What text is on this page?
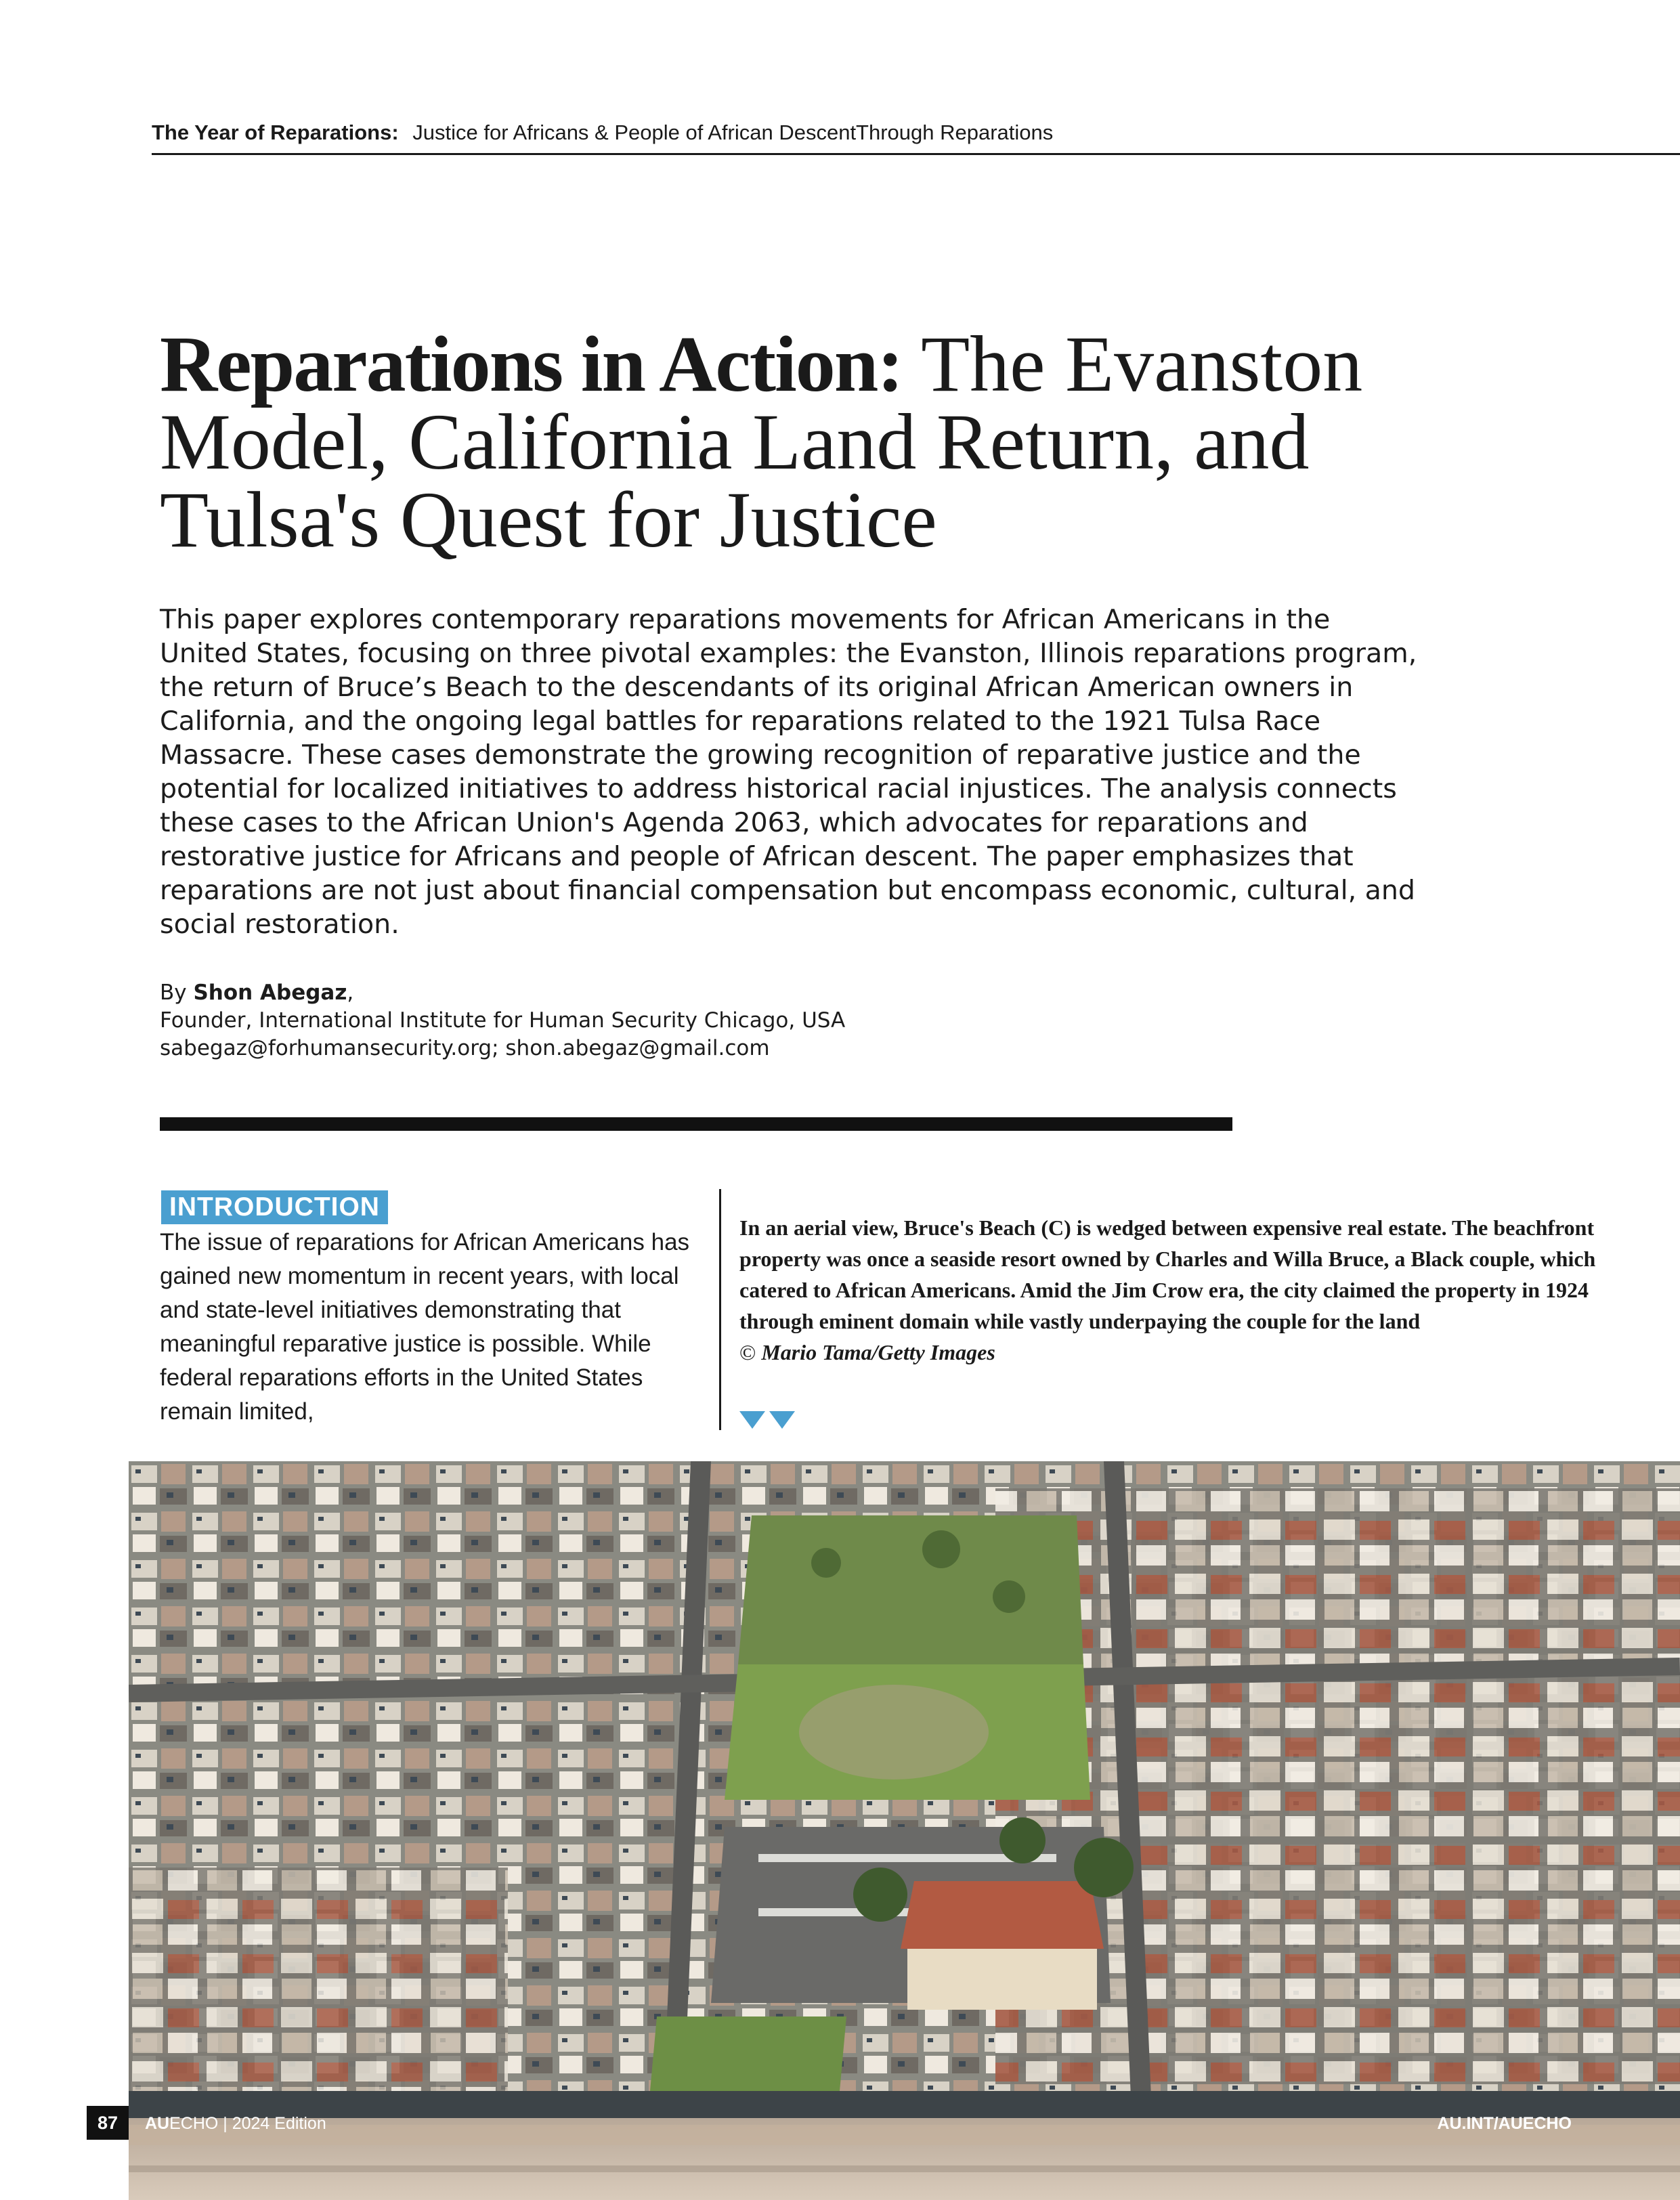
The Year of Reparations: Justice for Africans & People of African DescentThrough Reparations
Reparations in Action: The Evanston Model, California Land Return, and Tulsa's Quest for Justice

This paper explores contemporary reparations movements for African Americans in the United States, focusing on three pivotal examples: the Evanston, Illinois reparations program, the return of Bruce’s Beach to the descendants of its original African American owners in California, and the ongoing legal battles for reparations related to the 1921 Tulsa Race Massacre. These cases demonstrate the growing recognition of reparative justice and the potential for localized initiatives to address historical racial injustices. The analysis connects these cases to the African Union's Agenda 2063, which advocates for reparations and restorative justice for Africans and people of African descent. The paper emphasizes that reparations are not just about financial compensation but encompass economic, cultural, and social restoration.

By Shon Abegaz,
Founder, International Institute for Human Security Chicago, USA
sabegaz@forhumansecurity.org; shon.abegaz@gmail.com
INTRODUCTION

The issue of reparations for African Americans has gained new momentum in recent years, with local and state-level initiatives demonstrating that meaningful reparative justice is possible. While federal reparations efforts in the United States remain limited,

In an aerial view, Bruce's Beach (C) is wedged between expensive real estate. The beachfront property was once a seaside resort owned by Charles and Willa Bruce, a Black couple, which catered to African Americans. Amid the Jim Crow era, the city claimed the property in 1924 through eminent domain while vastly underpaying the couple for the land

© Mario Tama/Getty Images

87	AUECHO | 2024 Edition	AU.INT/AUECHO
